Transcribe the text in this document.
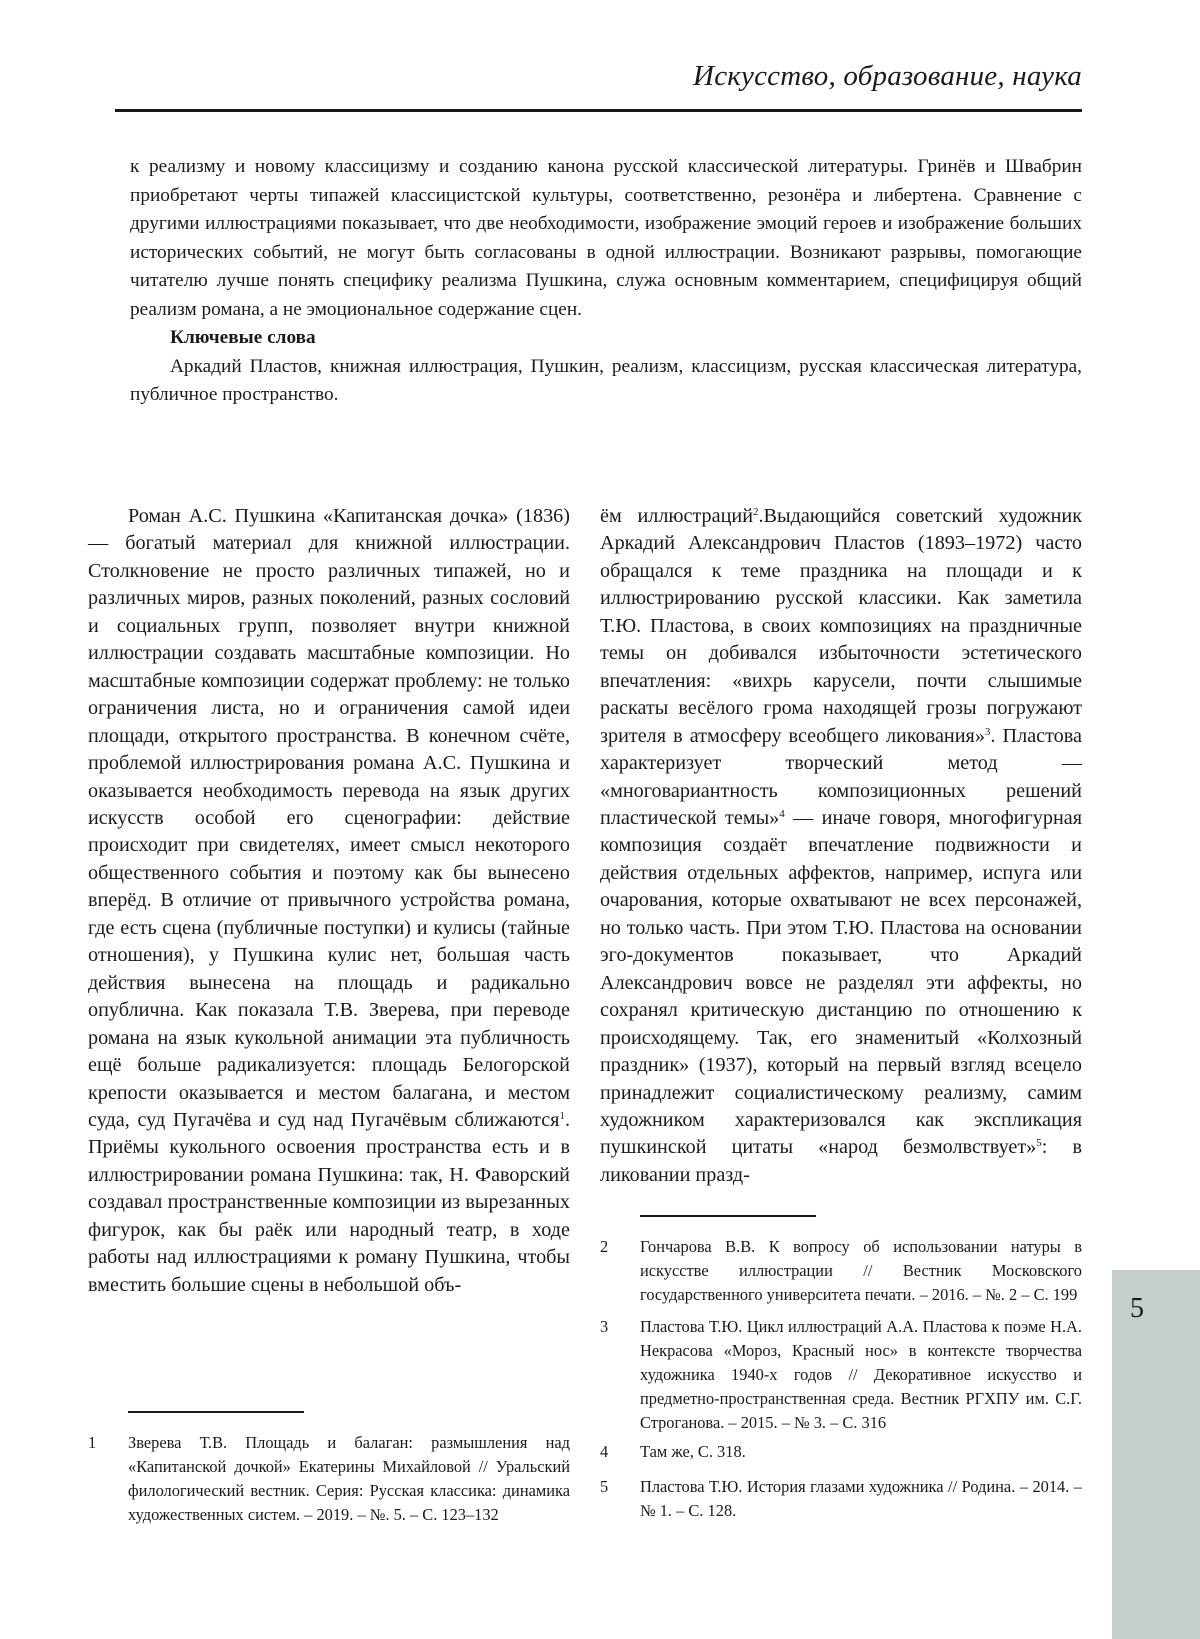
Искусство, образование, наука

к реализму и новому классицизму и созданию канона русской классической литературы. Гринёв и Швабрин приобретают черты типажей классицистской культуры, соответственно, резонёра и либертена. Сравнение с другими иллюстрациями показывает, что две необходимости, изображение эмоций героев и изображение больших исторических событий, не могут быть согласованы в одной иллюстрации. Возникают разрывы, помогающие читателю лучше понять специфику реализма Пушкина, служа основным комментарием, специфицируя общий реализм романа, а не эмоциональное содержание сцен.

Ключевые слова

Аркадий Пластов, книжная иллюстрация, Пушкин, реализм, классицизм, русская классическая литература, публичное пространство.

Роман А.С. Пушкина «Капитанская дочка» (1836) — богатый материал для книжной иллюстрации. Столкновение не просто различных типажей, но и различных миров, разных поколений, разных сословий и социальных групп, позволяет внутри книжной иллюстрации создавать масштабные композиции. Но масштабные композиции содержат проблему: не только ограничения листа, но и ограничения самой идеи площади, открытого пространства. В конечном счёте, проблемой иллюстрирования романа А.С. Пушкина и оказывается необходимость перевода на язык других искусств особой его сценографии: действие происходит при свидетелях, имеет смысл некоторого общественного события и поэтому как бы вынесено вперёд. В отличие от привычного устройства романа, где есть сцена (публичные поступки) и кулисы (тайные отношения), у Пушкина кулис нет, большая часть действия вынесена на площадь и радикально опублична. Как показала Т.В. Зверева, при переводе романа на язык кукольной анимации эта публичность ещё больше радикализуется: площадь Белогорской крепости оказывается и местом балагана, и местом суда, суд Пугачёва и суд над Пугачёвым сближаются$^1$. Приёмы кукольного освоения пространства есть и в иллюстрировании романа Пушкина: так, Н. Фаворский создавал пространственные композиции из вырезанных фигурок, как бы раёк или народный театр, в ходе работы над иллюстрациями к роману Пушкина, чтобы вместить большие сцены в небольшой объ-

ём иллюстраций$^2$.Выдающийся советский художник Аркадий Александрович Пластов (1893–1972) часто обращался к теме праздника на площади и к иллюстрированию русской классики. Как заметила Т.Ю. Пластова, в своих композициях на праздничные темы он добивался избыточности эстетического впечатления: «вихрь карусели, почти слышимые раскаты весёлого грома находящей грозы погружают зрителя в атмосферу всеобщего ликования»$^3$. Пластова характеризует творческий метод — «многовариантность композиционных решений пластической темы»$^4$ — иначе говоря, многофигурная композиция создаёт впечатление подвижности и действия отдельных аффектов, например, испуга или очарования, которые охватывают не всех персонажей, но только часть. При этом Т.Ю. Пластова на основании эго-документов показывает, что Аркадий Александрович вовсе не разделял эти аффекты, но сохранял критическую дистанцию по отношению к происходящему. Так, его знаменитый «Колхозный праздник» (1937), который на первый взгляд всецело принадлежит социалистическому реализму, самим художником характеризовался как экспликация пушкинской цитаты «народ безмолвствует»$^5$: в ликовании празд-

1 Зверева Т.В. Площадь и балаган: размышления над «Капитанской дочкой» Екатерины Михайловой // Уральский филологический вестник. Серия: Русская классика: динамика художественных систем. – 2019. – №. 5. – С. 123–132
2 Гончарова В.В. К вопросу об использовании натуры в искусстве иллюстрации // Вестник Московского государственного университета печати. – 2016. – №. 2 – С. 199
3 Пластова Т.Ю. Цикл иллюстраций А.А. Пластова к поэме Н.А. Некрасова «Мороз, Красный нос» в контексте творчества художника 1940-х годов // Декоративное искусство и предметно-пространственная среда. Вестник РГХПУ им. С.Г. Строганова. – 2015. – № 3. – С. 316
4 Там же, С. 318.
5 Пластова Т.Ю. История глазами художника // Родина. – 2014. – № 1. – С. 128.
5
